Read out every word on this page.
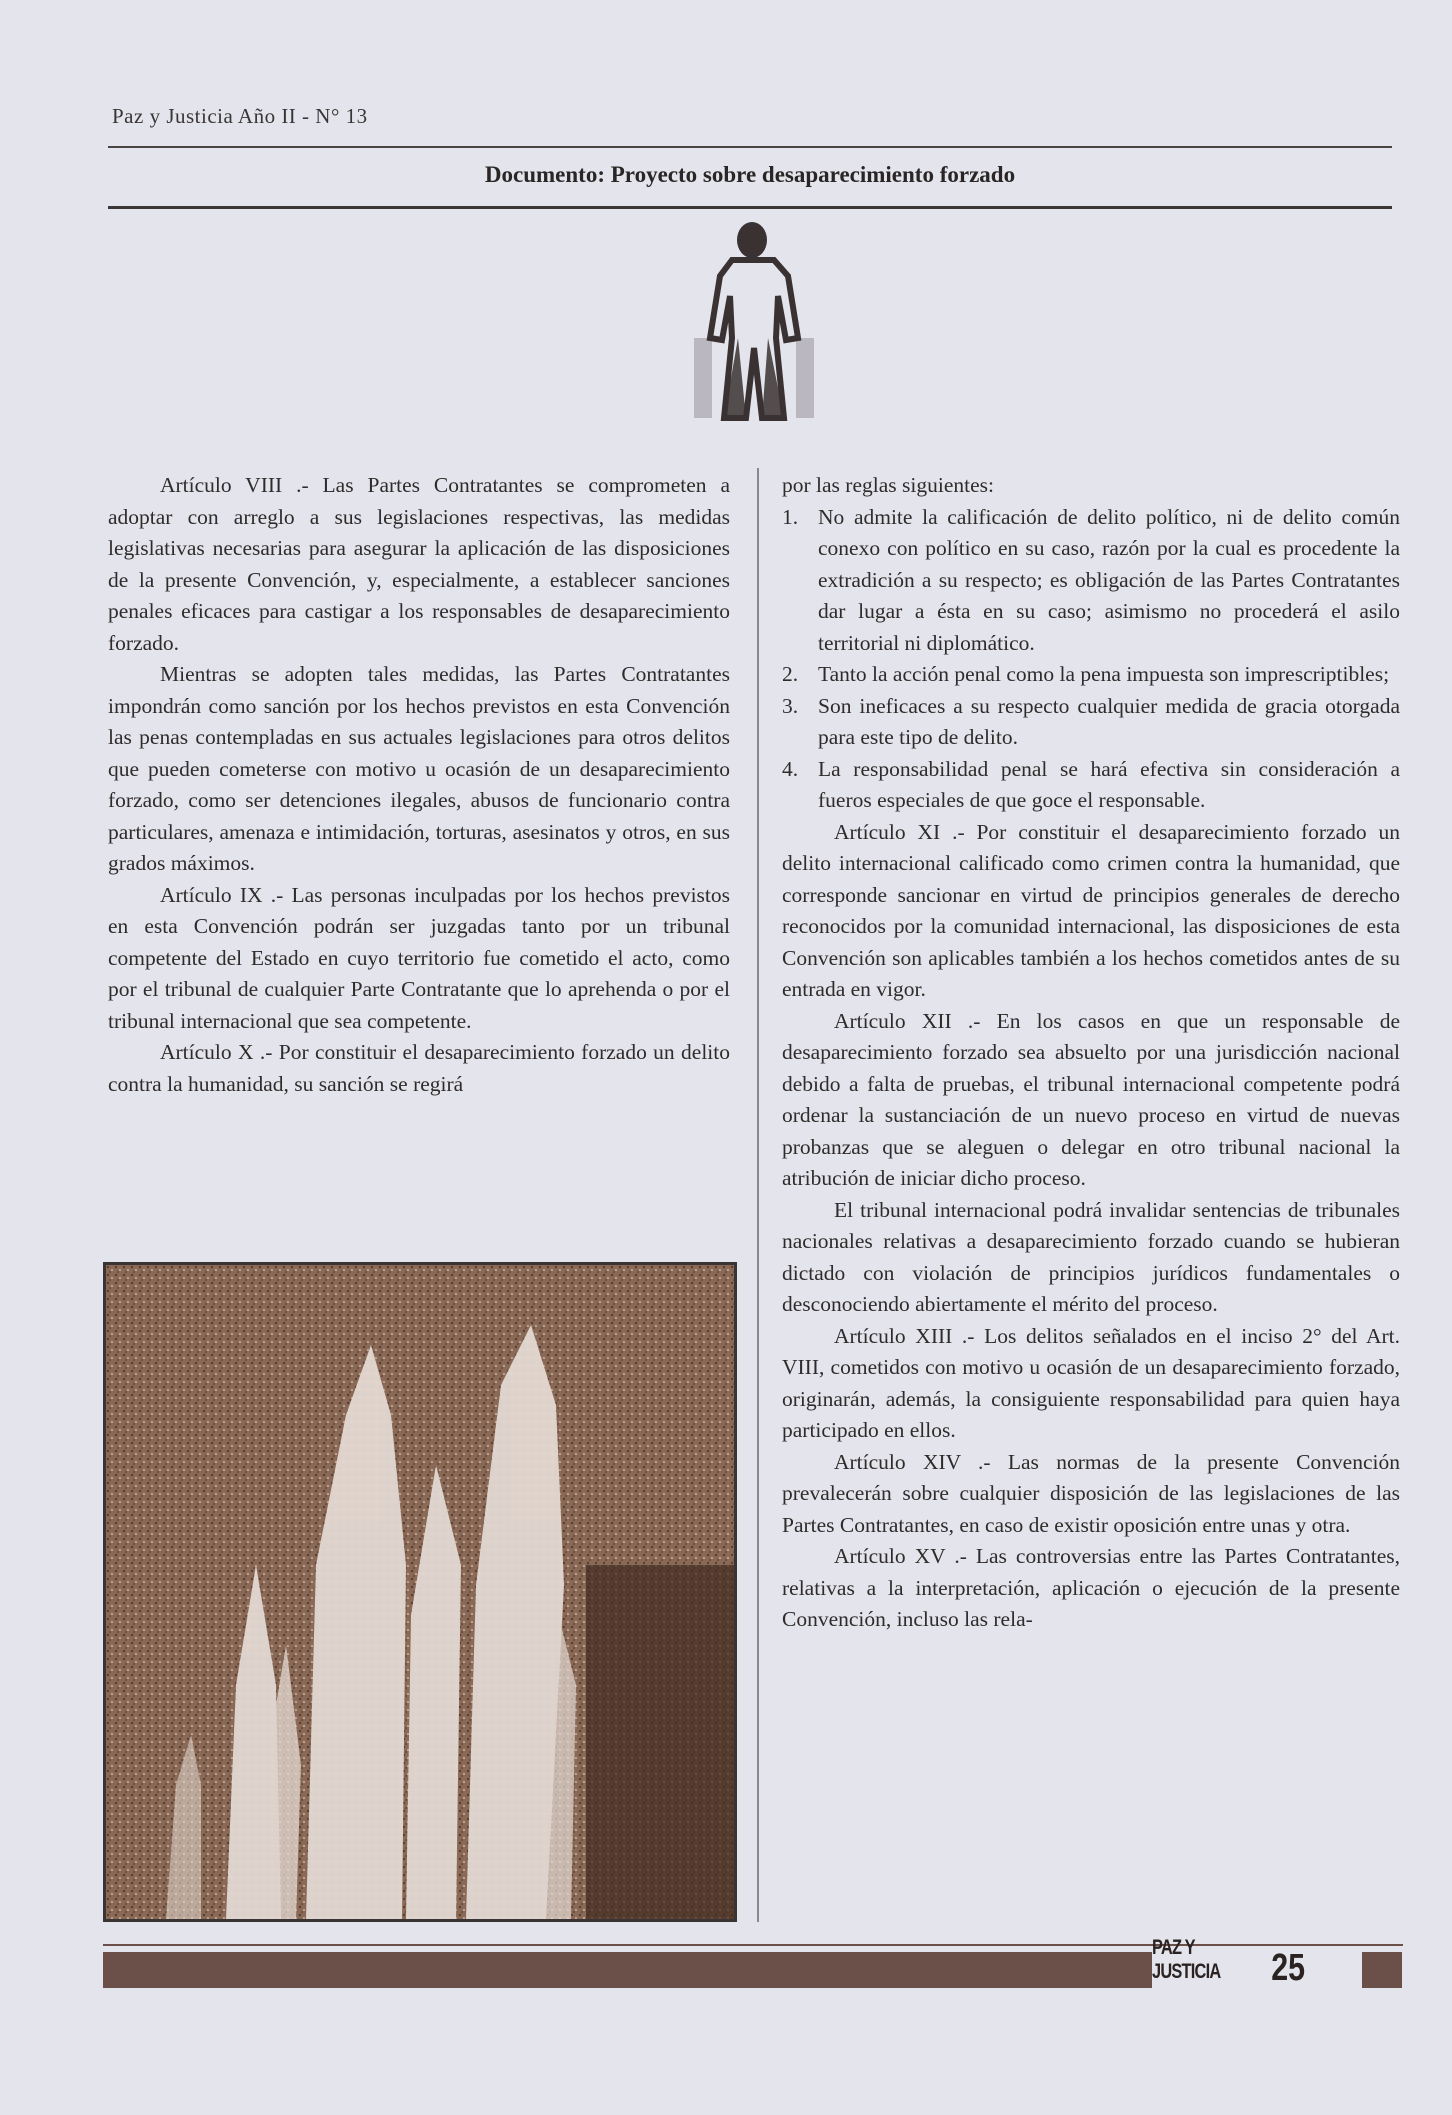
Paz y Justicia Año II - N° 13
Documento: Proyecto sobre desaparecimiento forzado

Artículo VIII .- Las Partes Contratantes se comprometen a adoptar con arreglo a sus legislaciones respectivas, las medidas legislativas necesarias para asegurar la aplicación de las disposiciones de la presente Convención, y, especialmente, a establecer sanciones penales eficaces para castigar a los responsables de desaparecimiento forzado.

Mientras se adopten tales medidas, las Partes Contratantes impondrán como sanción por los hechos previstos en esta Convención las penas contempladas en sus actuales legislaciones para otros delitos que pueden cometerse con motivo u ocasión de un desaparecimiento forzado, como ser detenciones ilegales, abusos de funcionario contra particulares, amenaza e intimidación, torturas, asesinatos y otros, en sus grados máximos.

Artículo IX .- Las personas inculpadas por los hechos previstos en esta Convención podrán ser juzgadas tanto por un tribunal competente del Estado en cuyo territorio fue cometido el acto, como por el tribunal de cualquier Parte Contratante que lo aprehenda o por el tribunal internacional que sea competente.

Artículo X .- Por constituir el desaparecimiento forzado un delito contra la humanidad, su sanción se regirá

por las reglas siguientes:

1. No admite la calificación de delito político, ni de delito común conexo con político en su caso, razón por la cual es procedente la extradición a su respecto; es obligación de las Partes Contratantes dar lugar a ésta en su caso; asimismo no procederá el asilo territorial ni diplomático.
2. Tanto la acción penal como la pena impuesta son imprescriptibles;
3. Son ineficaces a su respecto cualquier medida de gracia otorgada para este tipo de delito.
4. La responsabilidad penal se hará efectiva sin consideración a fueros especiales de que goce el responsable.

Artículo XI .- Por constituir el desaparecimiento forzado un delito internacional calificado como crimen contra la humanidad, que corresponde sancionar en virtud de principios generales de derecho reconocidos por la comunidad internacional, las disposiciones de esta Convención son aplicables también a los hechos cometidos antes de su entrada en vigor.

Artículo XII .- En los casos en que un responsable de desaparecimiento forzado sea absuelto por una jurisdicción nacional debido a falta de pruebas, el tribunal internacional competente podrá ordenar la sustanciación de un nuevo proceso en virtud de nuevas probanzas que se aleguen o delegar en otro tribunal nacional la atribución de iniciar dicho proceso.

El tribunal internacional podrá invalidar sentencias de tribunales nacionales relativas a desaparecimiento forzado cuando se hubieran dictado con violación de principios jurídicos fundamentales o desconociendo abiertamente el mérito del proceso.

Artículo XIII .- Los delitos señalados en el inciso 2° del Art. VIII, cometidos con motivo u ocasión de un desaparecimiento forzado, originarán, además, la consiguiente responsabilidad para quien haya participado en ellos.

Artículo XIV .- Las normas de la presente Convención prevalecerán sobre cualquier disposición de las legislaciones de las Partes Contratantes, en caso de existir oposición entre unas y otra.

Artículo XV .- Las controversias entre las Partes Contratantes, relativas a la interpretación, aplicación o ejecución de la presente Convención, incluso las rela-

PAZ Y JUSTICIA	25
